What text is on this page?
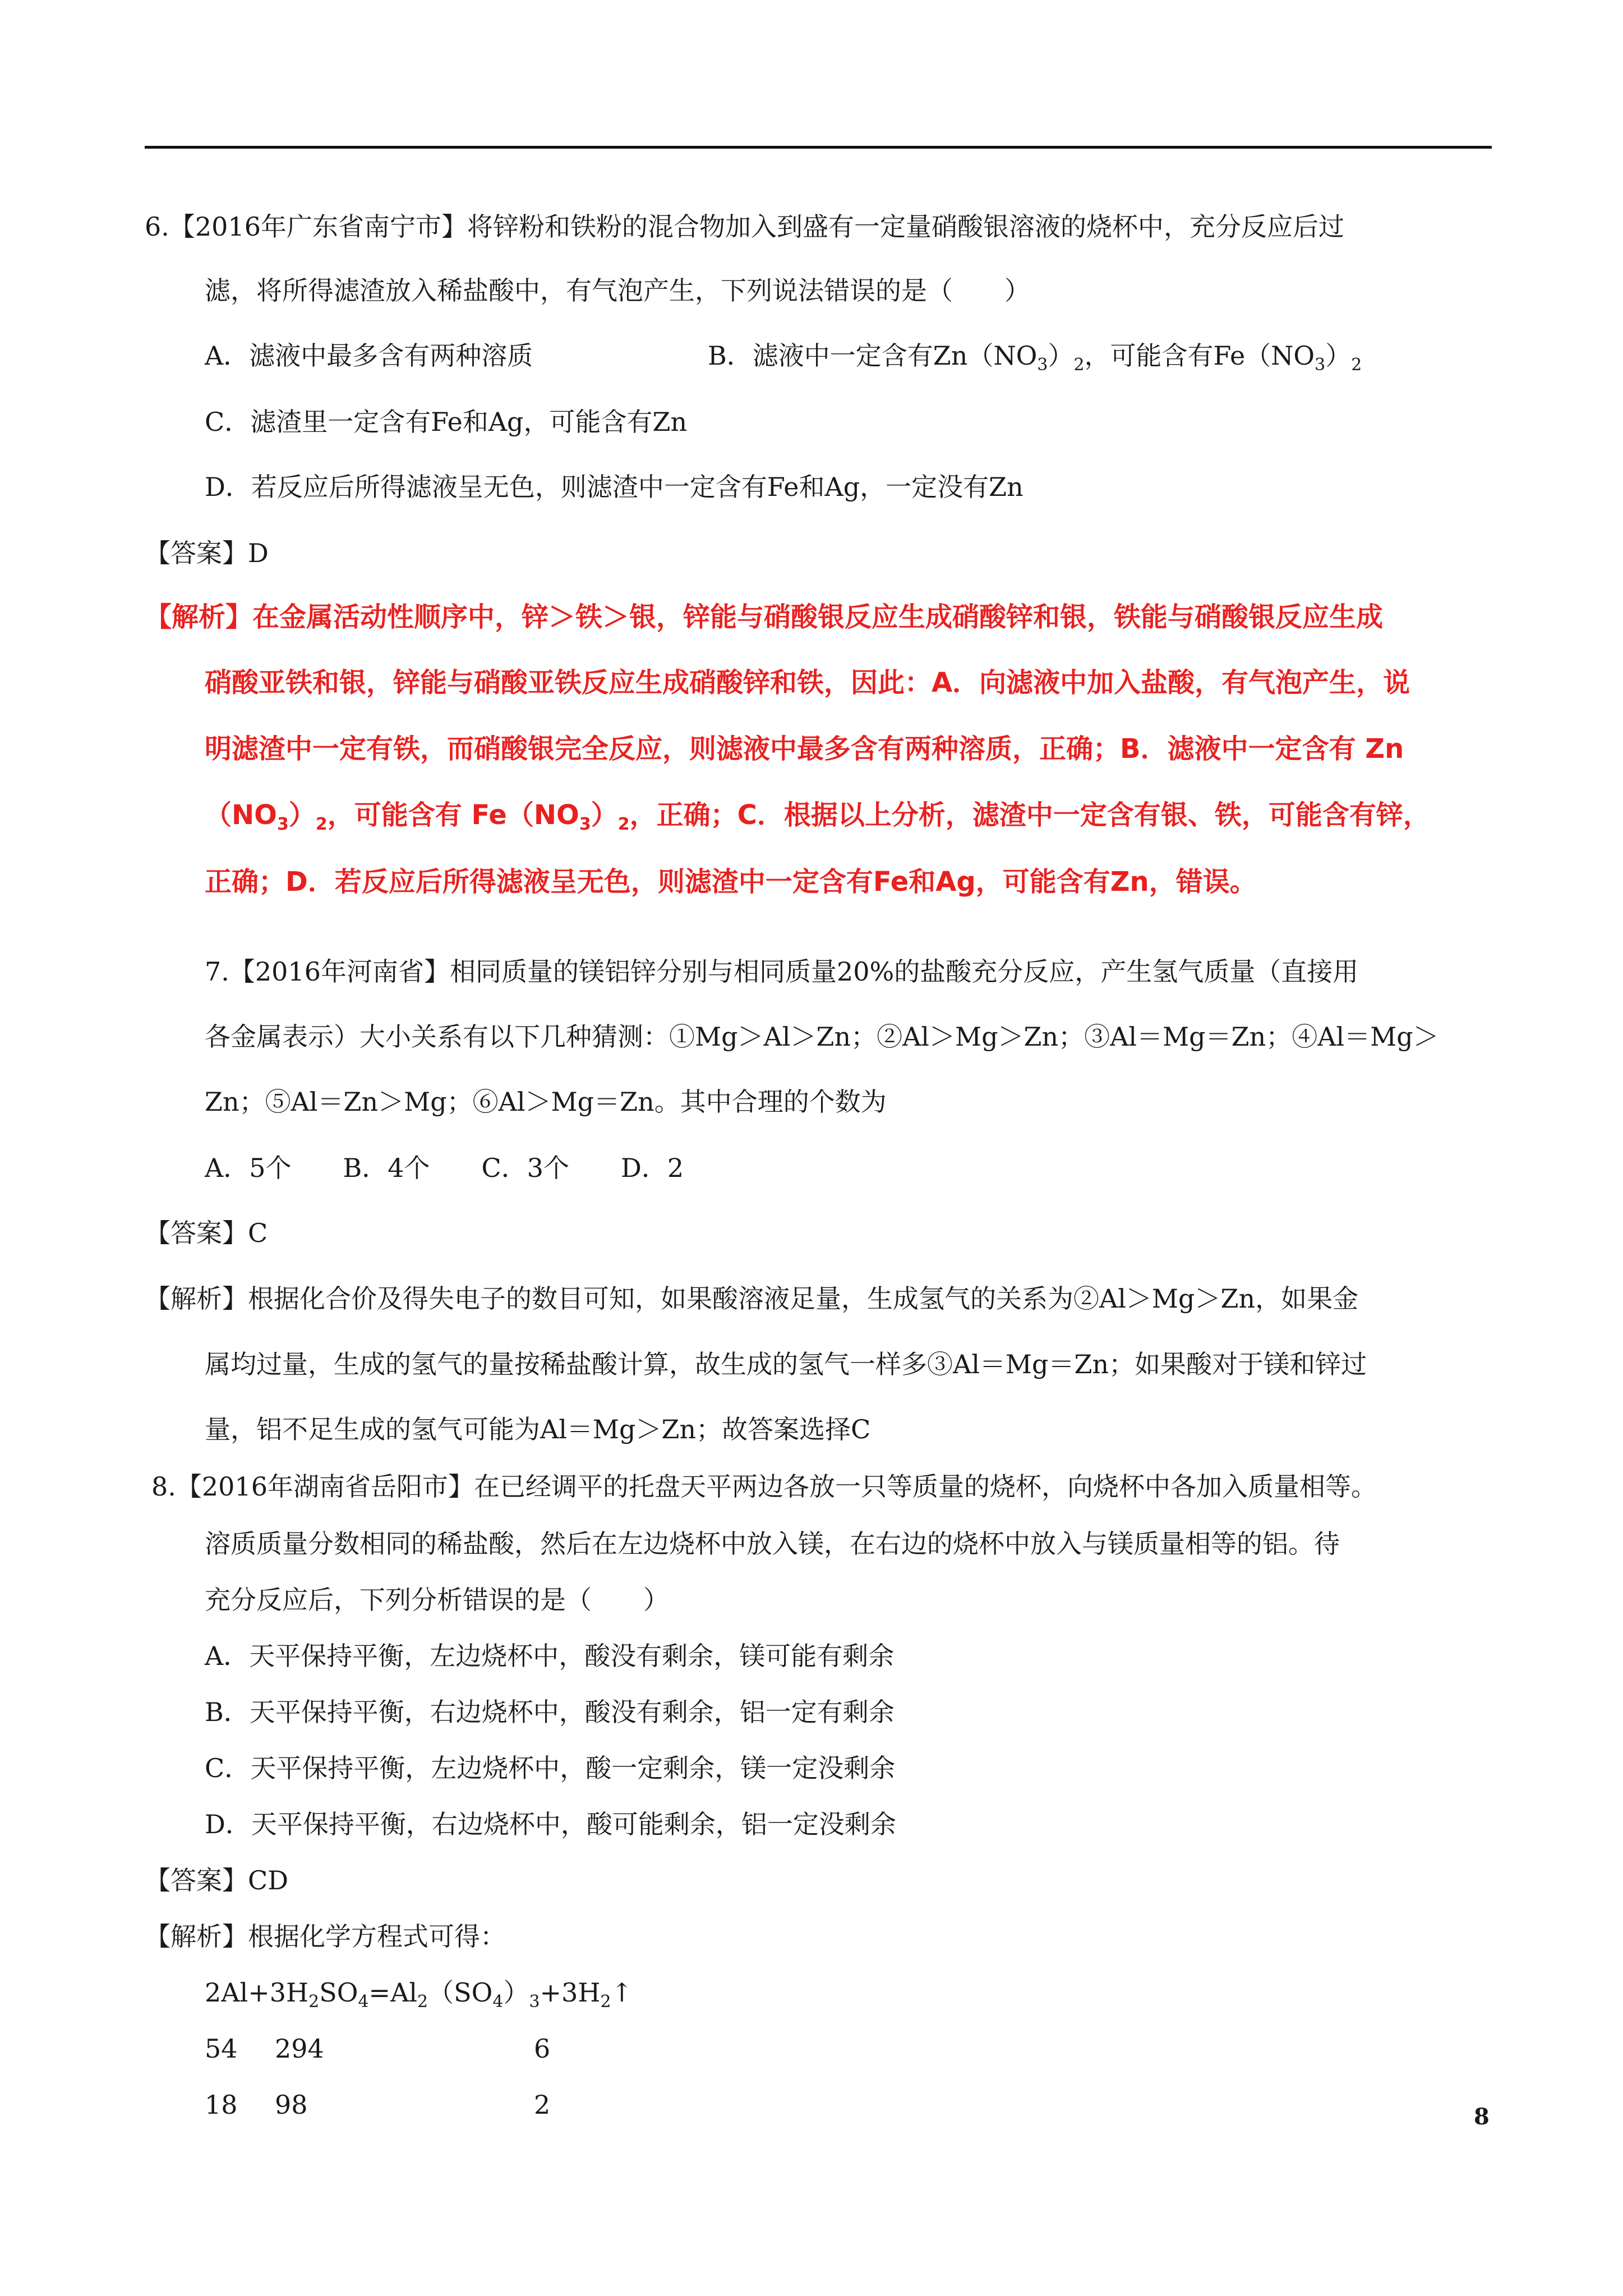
6.【2016年广东省南宁市】将锌粉和铁粉的混合物加入到盛有一定量硝酸银溶液的烧杯中，充分反应后过
滤，将所得滤渣放入稀盐酸中，有气泡产生，下列说法错误的是（　　）
A．滤液中最多含有两种溶质	B．滤液中一定含有$Zn(NO_3)_2$，可能含有$Fe(NO_3)_2$
C．滤渣里一定含有Fe和Ag，可能含有Zn
D．若反应后所得滤液呈无色，则滤渣中一定含有Fe和Ag，一定没有Zn
【答案】D
【解析】在金属活动性顺序中，锌＞铁＞银，锌能与硝酸银反应生成硝酸锌和银，铁能与硝酸银反应生成
硝酸亚铁和银，锌能与硝酸亚铁反应生成硝酸锌和铁，因此：A．向滤液中加入盐酸，有气泡产生，说
明滤渣中一定有铁，而硝酸银完全反应，则滤液中最多含有两种溶质，正确；B．滤液中一定含有 Zn
$(NO_3)_2$，可能含有 $Fe(NO_3)_2$，正确；C．根据以上分析，滤渣中一定含有银、铁，可能含有锌，
正确；D．若反应后所得滤液呈无色，则滤渣中一定含有Fe和Ag，可能含有Zn，错误。
7.【2016年河南省】相同质量的镁铝锌分别与相同质量20%的盐酸充分反应，产生氢气质量（直接用
各金属表示）大小关系有以下几种猜测：①Mg＞Al＞Zn；②Al＞Mg＞Zn；③Al＝Mg＝Zn；④Al＝Mg＞
Zn；⑤Al＝Zn＞Mg；⑥Al＞Mg＝Zn。其中合理的个数为
A．5个　　B．4个　　C．3个　　D．2
【答案】C
【解析】根据化合价及得失电子的数目可知，如果酸溶液足量，生成氢气的关系为②Al＞Mg＞Zn，如果金
属均过量，生成的氢气的量按稀盐酸计算，故生成的氢气一样多③Al＝Mg＝Zn；如果酸对于镁和锌过
量，铝不足生成的氢气可能为Al＝Mg＞Zn；故答案选择C
8.【2016年湖南省岳阳市】在已经调平的托盘天平两边各放一只等质量的烧杯，向烧杯中各加入质量相等。
溶质质量分数相同的稀盐酸，然后在左边烧杯中放入镁，在右边的烧杯中放入与镁质量相等的铝。待
充分反应后，下列分析错误的是（　　）
A．天平保持平衡，左边烧杯中，酸没有剩余，镁可能有剩余
B．天平保持平衡，右边烧杯中，酸没有剩余，铝一定有剩余
C．天平保持平衡，左边烧杯中，酸一定剩余，镁一定没剩余
D．天平保持平衡，右边烧杯中，酸可能剩余，铝一定没剩余
【答案】CD
【解析】根据化学方程式可得：
$2Al+3H_2SO_4=Al_2(SO_4)_3+3H_2↑$
54 294	6
18 98	2	8
